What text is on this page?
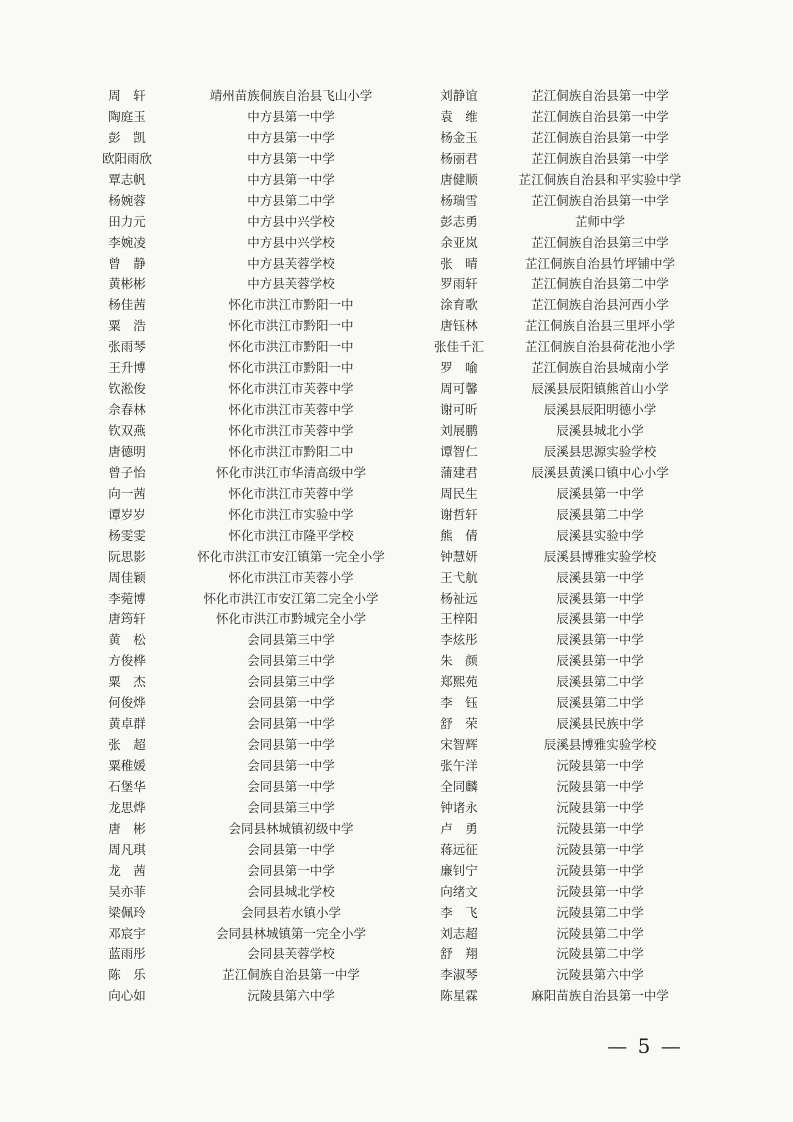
周　轩	靖州苗族侗族自治县飞山小学	刘静谊	芷江侗族自治县第一中学
陶庭玉	中方县第一中学	袁　维	芷江侗族自治县第一中学
彭　凯	中方县第一中学	杨金玉	芷江侗族自治县第一中学
欧阳雨欣	中方县第一中学	杨丽君	芷江侗族自治县第一中学
覃志帆	中方县第一中学	唐健顺	芷江侗族自治县和平实验中学
杨婉蓉	中方县第二中学	杨瑞雪	芷江侗族自治县第一中学
田力元	中方县中兴学校	彭志勇	芷师中学
李婉凌	中方县中兴学校	余亚岚	芷江侗族自治县第三中学
曾　静	中方县芙蓉学校	张　晴	芷江侗族自治县竹坪铺中学
黄彬彬	中方县芙蓉学校	罗雨轩	芷江侗族自治县第二中学
杨佳茜	怀化市洪江市黔阳一中	涂育歌	芷江侗族自治县河西小学
粟　浩	怀化市洪江市黔阳一中	唐钰林	芷江侗族自治县三里坪小学
张雨琴	怀化市洪江市黔阳一中	张佳千汇	芷江侗族自治县荷花池小学
王升博	怀化市洪江市黔阳一中	罗　喻	芷江侗族自治县城南小学
钦淞俊	怀化市洪江市芙蓉中学	周可馨	辰溪县辰阳镇熊首山小学
佘春林	怀化市洪江市芙蓉中学	谢可昕	辰溪县辰阳明德小学
钦双燕	怀化市洪江市芙蓉中学	刘展鹏	辰溪县城北小学
唐德明	怀化市洪江市黔阳二中	谭智仁	辰溪县思源实验学校
曾子怡	怀化市洪江市华清高级中学	蒲建君	辰溪县黄溪口镇中心小学
向一茜	怀化市洪江市芙蓉中学	周民生	辰溪县第一中学
谭岁岁	怀化市洪江市实验中学	谢哲轩	辰溪县第二中学
杨雯雯	怀化市洪江市隆平学校	熊　倩	辰溪县实验中学
阮思影	怀化市洪江市安江镇第一完全小学	钟慧妍	辰溪县博雅实验学校
周佳颖	怀化市洪江市芙蓉小学	王弋航	辰溪县第一中学
李菀博	怀化市洪江市安江第二完全小学	杨祉远	辰溪县第一中学
唐筠轩	怀化市洪江市黔城完全小学	王梓阳	辰溪县第一中学
黄　松	会同县第三中学	李炫彤	辰溪县第一中学
方俊桦	会同县第三中学	朱　颜	辰溪县第一中学
粟　杰	会同县第三中学	郑熙苑	辰溪县第二中学
何俊烨	会同县第一中学	李　钰	辰溪县第二中学
黄卓群	会同县第一中学	舒　荣	辰溪县民族中学
张　超	会同县第一中学	宋智辉	辰溪县博雅实验学校
粟稚媛	会同县第一中学	张午洋	沅陵县第一中学
石堡华	会同县第一中学	全同麟	沅陵县第一中学
龙思烨	会同县第三中学	钟诸永	沅陵县第一中学
唐　彬	会同县林城镇初级中学	卢　勇	沅陵县第一中学
周凡琪	会同县第一中学	蒋远征	沅陵县第一中学
龙　茜	会同县第一中学	廉钊宁	沅陵县第一中学
吴亦菲	会同县城北学校	向绪文	沅陵县第一中学
梁佩玲	会同县若水镇小学	李　飞	沅陵县第二中学
邓宸宇	会同县林城镇第一完全小学	刘志超	沅陵县第二中学
蓝雨彤	会同县芙蓉学校	舒　翔	沅陵县第二中学
陈　乐	芷江侗族自治县第一中学	李淑琴	沅陵县第六中学
向心如	沅陵县第六中学	陈星霖	麻阳苗族自治县第一中学
— 5 —
